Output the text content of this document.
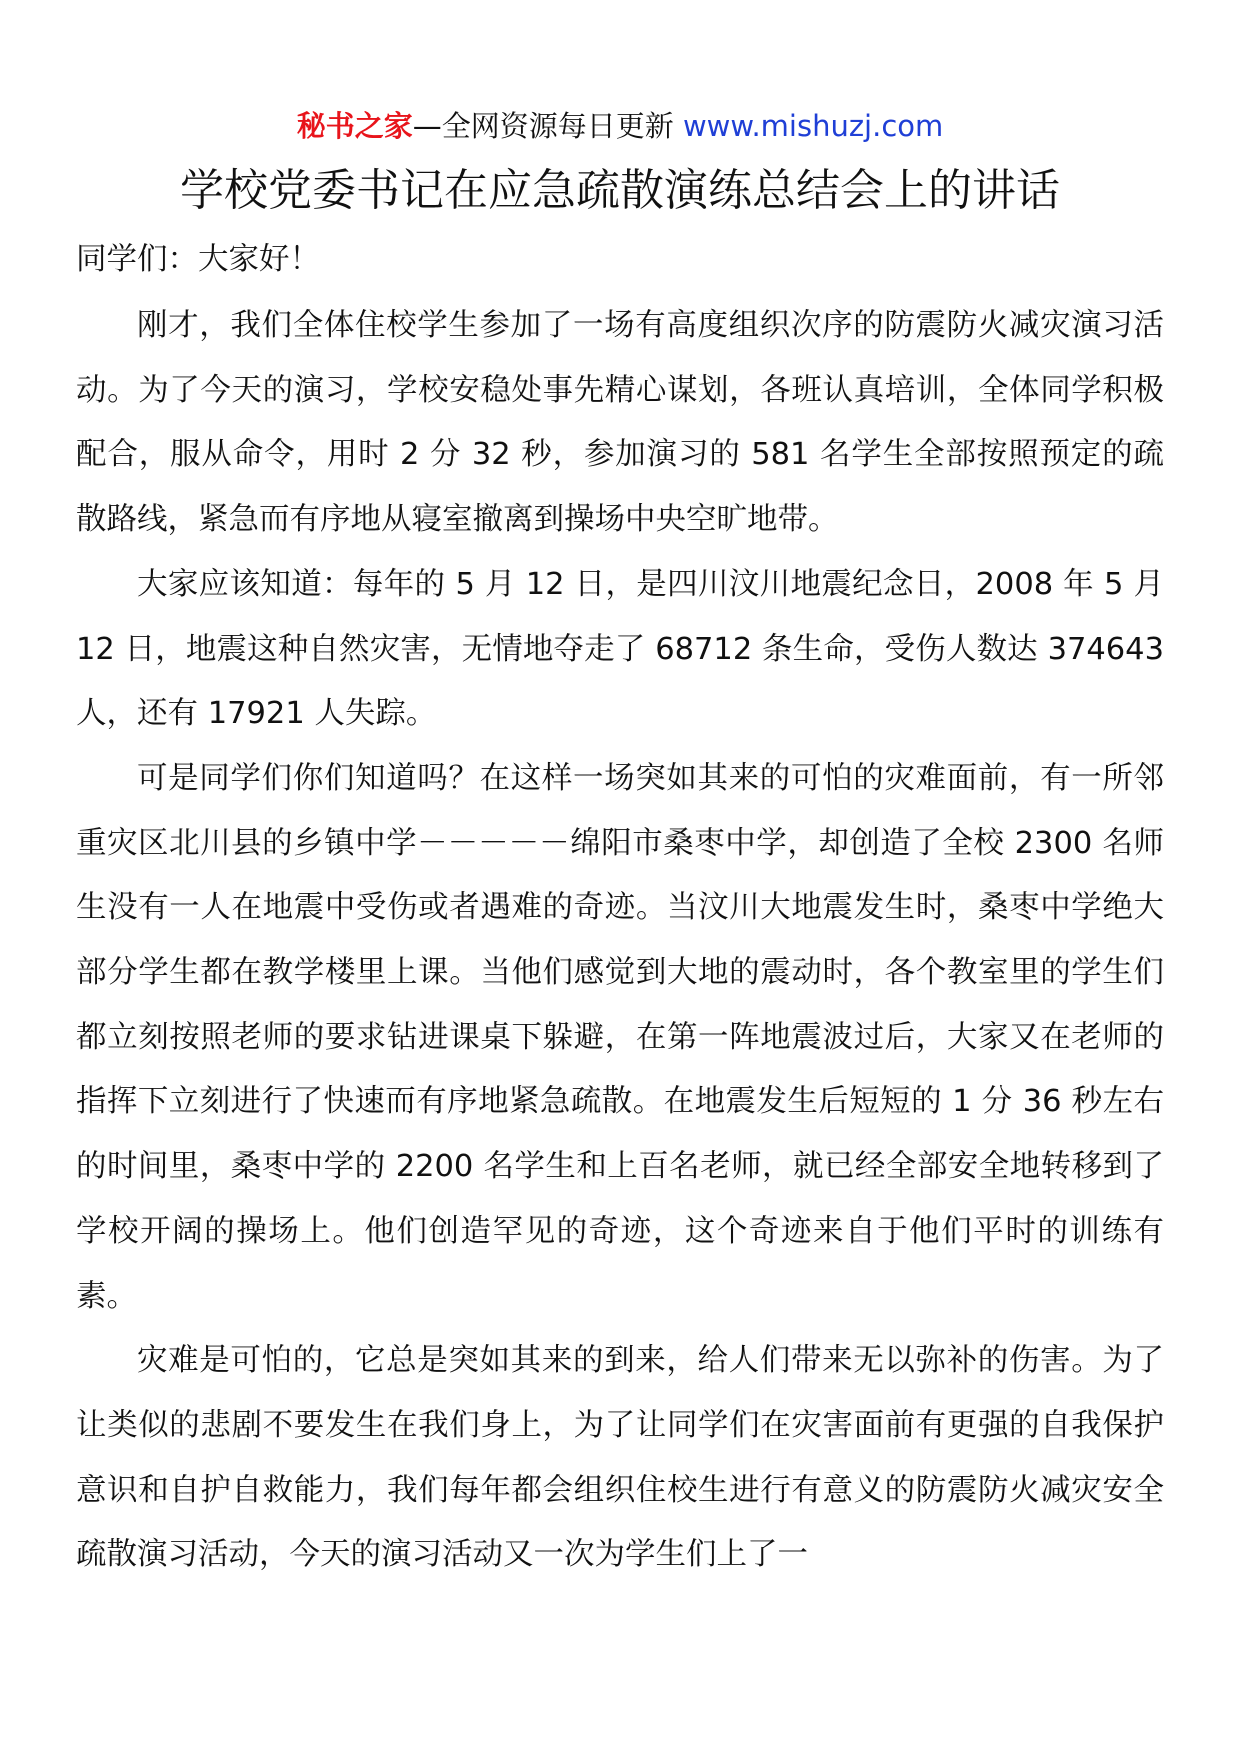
秘书之家—全网资源每日更新 www.mishuzj.com
学校党委书记在应急疏散演练总结会上的讲话

同学们：大家好！

刚才，我们全体住校学生参加了一场有高度组织次序的防震防火减灾演习活动。为了今天的演习，学校安稳处事先精心谋划，各班认真培训，全体同学积极配合，服从命令，用时 2 分 32 秒，参加演习的 581 名学生全部按照预定的疏散路线，紧急而有序地从寝室撤离到操场中央空旷地带。

大家应该知道：每年的 5 月 12 日，是四川汶川地震纪念日，2008 年 5 月 12 日，地震这种自然灾害，无情地夺走了 68712 条生命，受伤人数达 374643 人，还有 17921 人失踪。

可是同学们你们知道吗？在这样一场突如其来的可怕的灾难面前，有一所邻重灾区北川县的乡镇中学－－－－－绵阳市桑枣中学，却创造了全校 2300 名师生没有一人在地震中受伤或者遇难的奇迹。当汶川大地震发生时，桑枣中学绝大部分学生都在教学楼里上课。当他们感觉到大地的震动时，各个教室里的学生们都立刻按照老师的要求钻进课桌下躲避，在第一阵地震波过后，大家又在老师的指挥下立刻进行了快速而有序地紧急疏散。在地震发生后短短的 1 分 36 秒左右的时间里，桑枣中学的 2200 名学生和上百名老师，就已经全部安全地转移到了学校开阔的操场上。他们创造罕见的奇迹，这个奇迹来自于他们平时的训练有素。

灾难是可怕的，它总是突如其来的到来，给人们带来无以弥补的伤害。为了让类似的悲剧不要发生在我们身上，为了让同学们在灾害面前有更强的自我保护意识和自护自救能力，我们每年都会组织住校生进行有意义的防震防火减灾安全疏散演习活动，今天的演习活动又一次为学生们上了一
